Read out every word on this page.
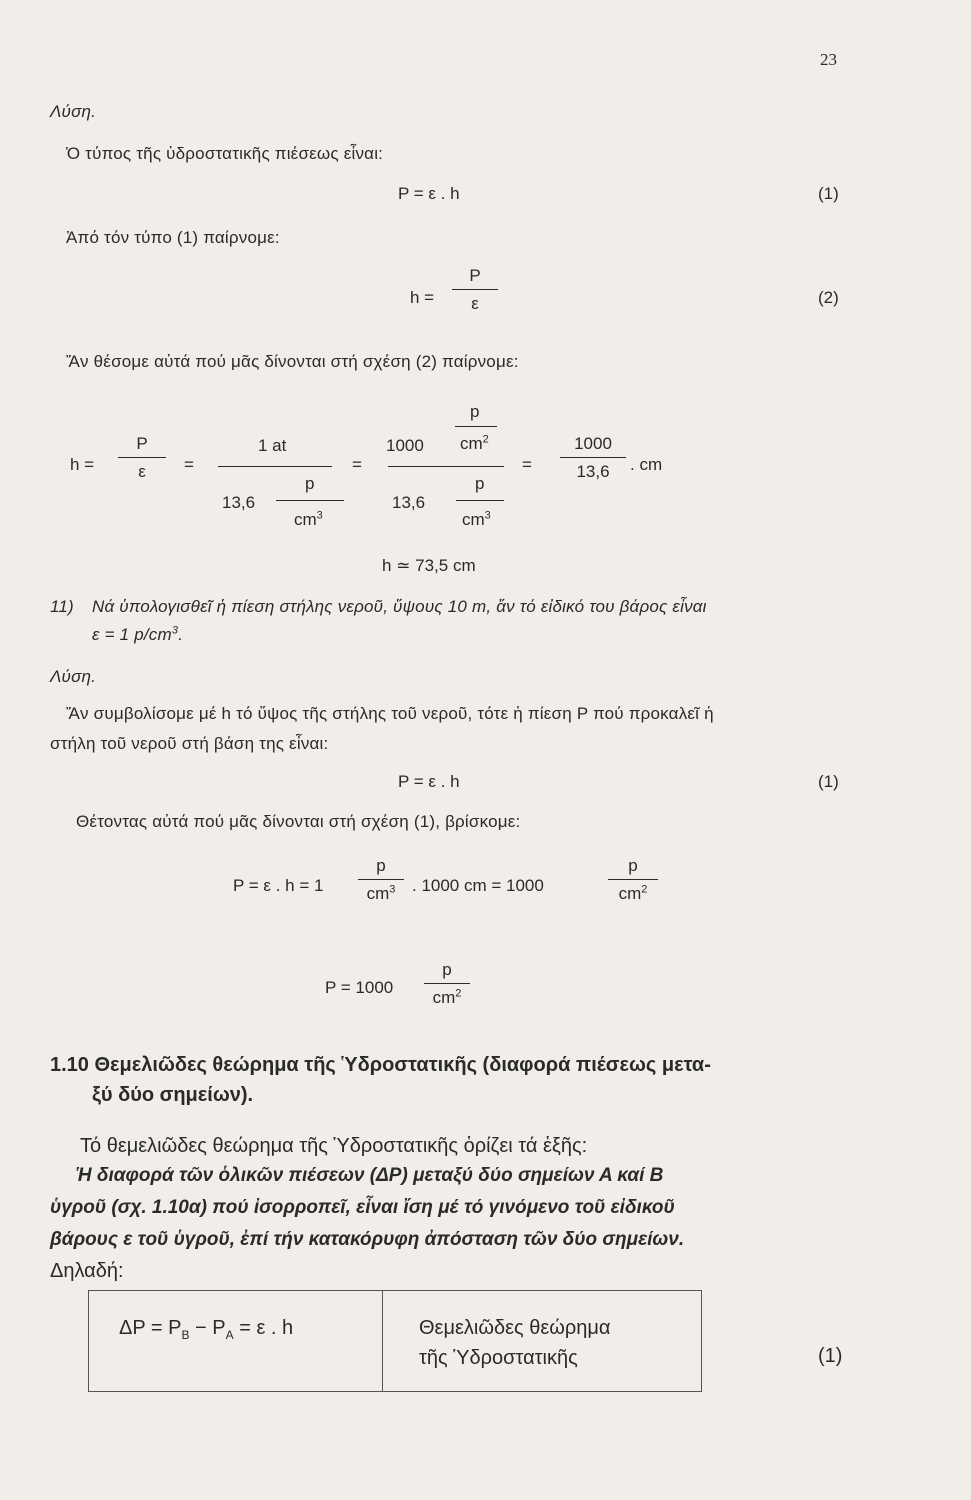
23
Λύση.
Ὁ τύπος τῆς ὑδροστατικῆς πιέσεως εἶναι:
P = ε . h	(1)
Ἀπό τόν τύπο (1) παίρνομε:
h =
P
ε	(2)
Ἄν θέσομε αὐτά πού μᾶς δίνονται στή σχέση (2) παίρνομε:
h =
P
ε	=
1 at
13,6
p
$cm^3$
=
p
1000 $cm^2$
13,6
p
$cm^3$
=
1000
13,6	. cm
h ≃ 73,5 cm
11) Νά ὑπολογισθεῖ ἡ πίεση στήλης νεροῦ, ὕψους 10 m, ἄν τό εἰδικό του βάρος εἶναι
ε = 1 $p/cm^3$.
Λύση.
Ἄν συμβολίσομε μέ h τό ὕψος τῆς στήλης τοῦ νεροῦ, τότε ἡ πίεση P πού προκαλεῖ ἡ
στήλη τοῦ νεροῦ στή βάση της εἶναι:
P = ε . h	(1)
Θέτοντας αὐτά πού μᾶς δίνονται στή σχέση (1), βρίσκομε:
P = ε . h = 1
p
$cm^3$ . 1000 cm = 1000
p
$cm^2$
P = 1000
p
$cm^2$
1.10 Θεμελιῶδες θεώρημα τῆς Ὑδροστατικῆς (διαφορά πιέσεως μετα-
ξύ δύο σημείων).
Τό θεμελιῶδες θεώρημα τῆς Ὑδροστατικῆς ὁρίζει τά ἑξῆς:
Ἡ διαφορά τῶν ὁλικῶν πιέσεων (ΔP) μεταξύ δύο σημείων Α καί Β
ὑγροῦ (σχ. 1.10α) πού ἰσορροπεῖ, εἶναι ἴση μέ τό γινόμενο τοῦ εἰδικοῦ
βάρους ε τοῦ ὑγροῦ, ἐπί τήν κατακόρυφη ἀπόσταση τῶν δύο σημείων.
Δηλαδή:
$\Delta P = P_B - P_A = \varepsilon$ . h	Θεμελιῶδες θεώρημα
τῆς Ὑδροστατικῆς	(1)
